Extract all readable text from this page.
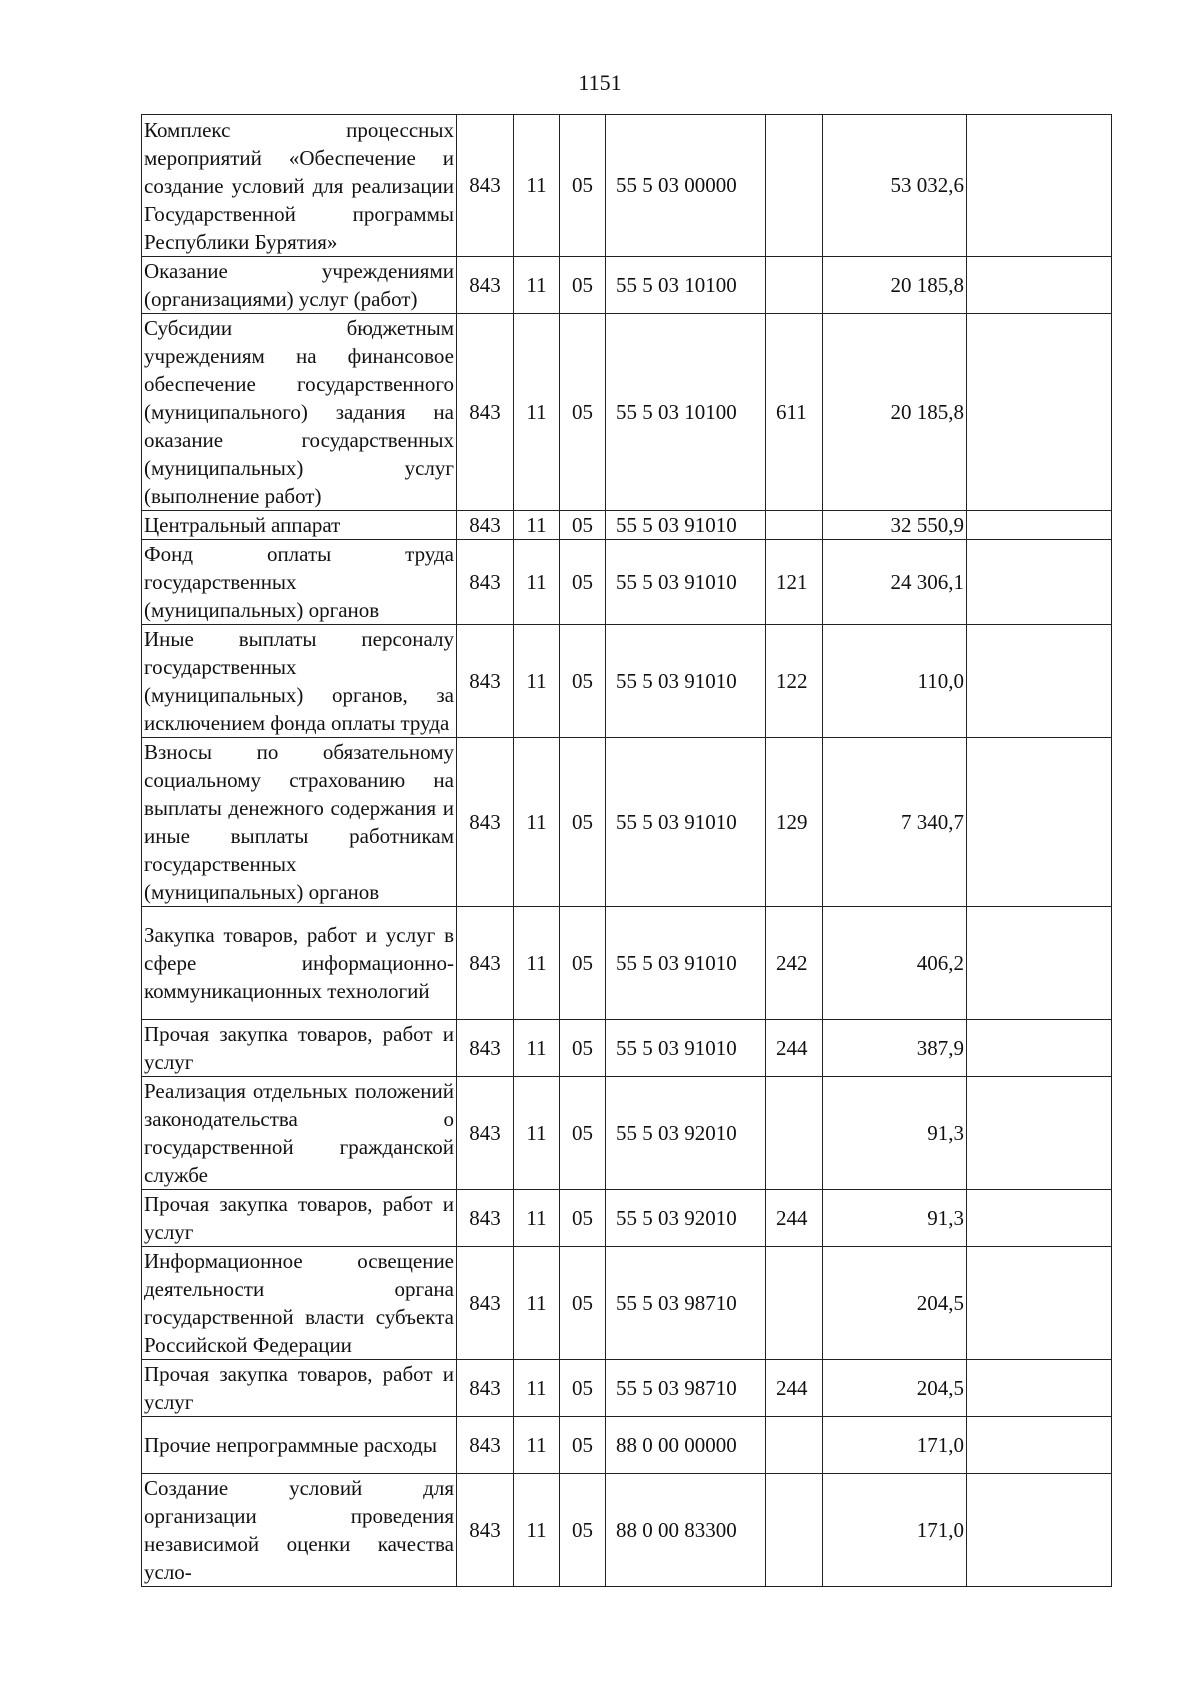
1151
Комплекс процессных мероприятий «Обеспечение и создание условий для реализации Государственной программы Республики Бурятия»	843	11	05	55 5 03 00000		53 032,6	
Оказание учреждениями (организациями) услуг (работ)	843	11	05	55 5 03 10100		20 185,8	
Субсидии бюджетным учреждениям на финансовое обеспечение государственного (муниципального) задания на оказание государственных (муниципальных) услуг (выполнение работ)	843	11	05	55 5 03 10100	611	20 185,8	
Центральный аппарат	843	11	05	55 5 03 91010		32 550,9	
Фонд оплаты труда государственных (муниципальных) органов	843	11	05	55 5 03 91010	121	24 306,1	
Иные выплаты персоналу государственных (муниципальных) органов, за исключением фонда оплаты труда	843	11	05	55 5 03 91010	122	110,0	
Взносы по обязательному социальному страхованию на выплаты денежного содержания и иные выплаты работникам государственных (муниципальных) органов	843	11	05	55 5 03 91010	129	7 340,7	
Закупка товаров, работ и услуг в сфере информационно-коммуникационных технологий	843	11	05	55 5 03 91010	242	406,2	
Прочая закупка товаров, работ и услуг	843	11	05	55 5 03 91010	244	387,9	
Реализация отдельных положений законодательства о государственной гражданской службе	843	11	05	55 5 03 92010		91,3	
Прочая закупка товаров, работ и услуг	843	11	05	55 5 03 92010	244	91,3	
Информационное освещение деятельности органа государственной власти субъекта Российской Федерации	843	11	05	55 5 03 98710		204,5	
Прочая закупка товаров, работ и услуг	843	11	05	55 5 03 98710	244	204,5	
Прочие непрограммные расходы	843	11	05	88 0 00 00000		171,0	
Создание условий для организации проведения независимой оценки качества усло-	843	11	05	88 0 00 83300		171,0	
